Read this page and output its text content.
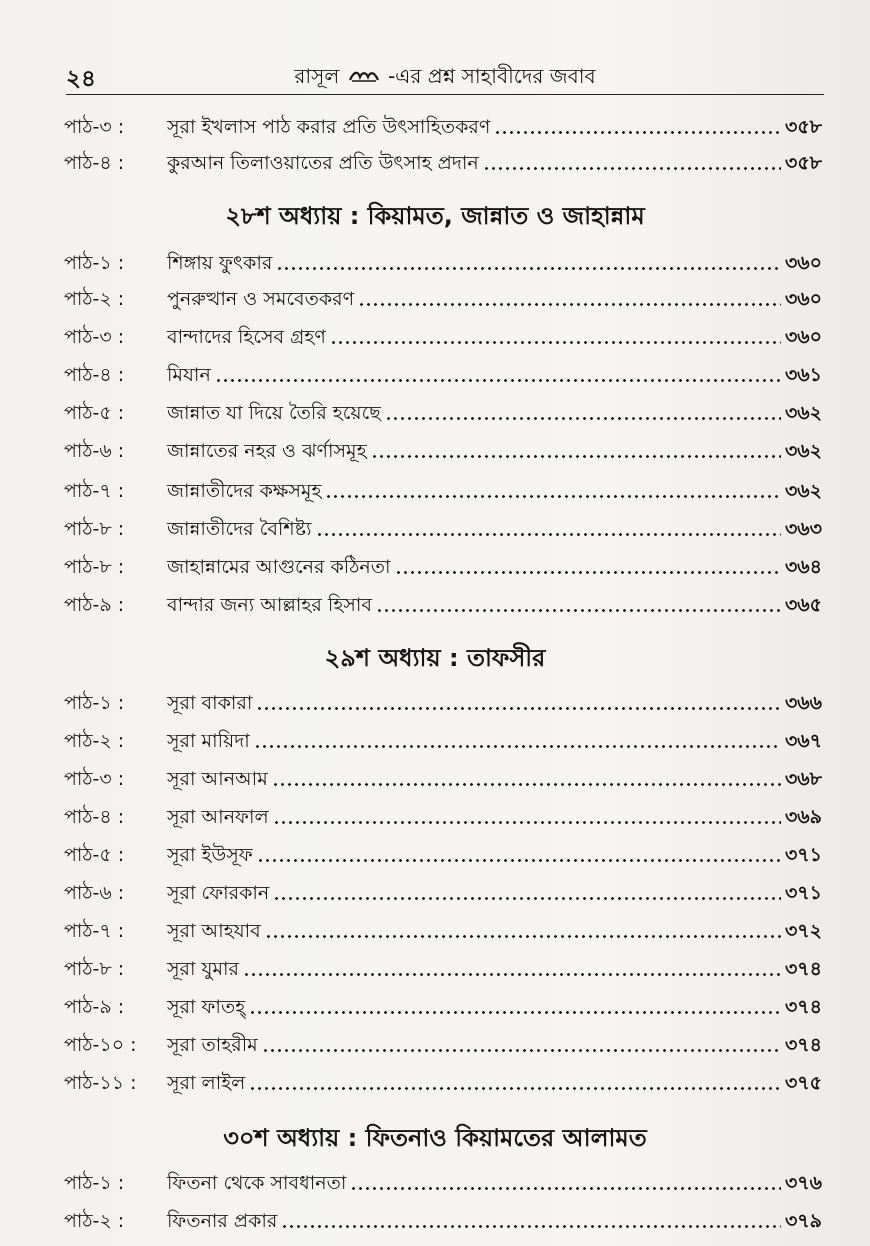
২৪	রাসূল -এর প্রশ্ন সাহাবীদের জবাব
পাঠ-৩ :	সূরা ইখলাস পাঠ করার প্রতি উৎসাহিতকরণ	৩৫৮
পাঠ-৪ :	কুরআন তিলাওয়াতের প্রতি উৎসাহ প্রদান	৩৫৮
২৮শ অধ্যায় : কিয়ামত, জান্নাত ও জাহান্নাম
পাঠ-১ :	শিঙ্গায় ফুৎকার	৩৬০
পাঠ-২ :	পুনরুত্থান ও সমবেতকরণ	৩৬০
পাঠ-৩ :	বান্দাদের হিসেব গ্রহণ	৩৬০
পাঠ-৪ :	মিযান	৩৬১
পাঠ-৫ :	জান্নাত যা দিয়ে তৈরি হয়েছে	৩৬২
পাঠ-৬ :	জান্নাতের নহর ও ঝর্ণাসমূহ	৩৬২
পাঠ-৭ :	জান্নাতীদের কক্ষসমূহ	৩৬২
পাঠ-৮ :	জান্নাতীদের বৈশিষ্ট্য	৩৬৩
পাঠ-৮ :	জাহান্নামের আগুনের কঠিনতা	৩৬৪
পাঠ-৯ :	বান্দার জন্য আল্লাহর হিসাব	৩৬৫
২৯শ অধ্যায় : তাফসীর
পাঠ-১ :	সূরা বাকারা	৩৬৬
পাঠ-২ :	সূরা মায়িদা	৩৬৭
পাঠ-৩ :	সূরা আনআম	৩৬৮
পাঠ-৪ :	সূরা আনফাল	৩৬৯
পাঠ-৫ :	সূরা ইউসূফ	৩৭১
পাঠ-৬ :	সূরা ফোরকান	৩৭১
পাঠ-৭ :	সূরা আহযাব	৩৭২
পাঠ-৮ :	সূরা যুমার	৩৭৪
পাঠ-৯ :	সূরা ফাতহ্	৩৭৪
পাঠ-১০ :	সূরা তাহরীম	৩৭৪
পাঠ-১১ :	সূরা লাইল	৩৭৫
৩০শ অধ্যায় : ফিতনাও কিয়ামতের আলামত
পাঠ-১ :	ফিতনা থেকে সাবধানতা	৩৭৬
পাঠ-২ :	ফিতনার প্রকার	৩৭৯
